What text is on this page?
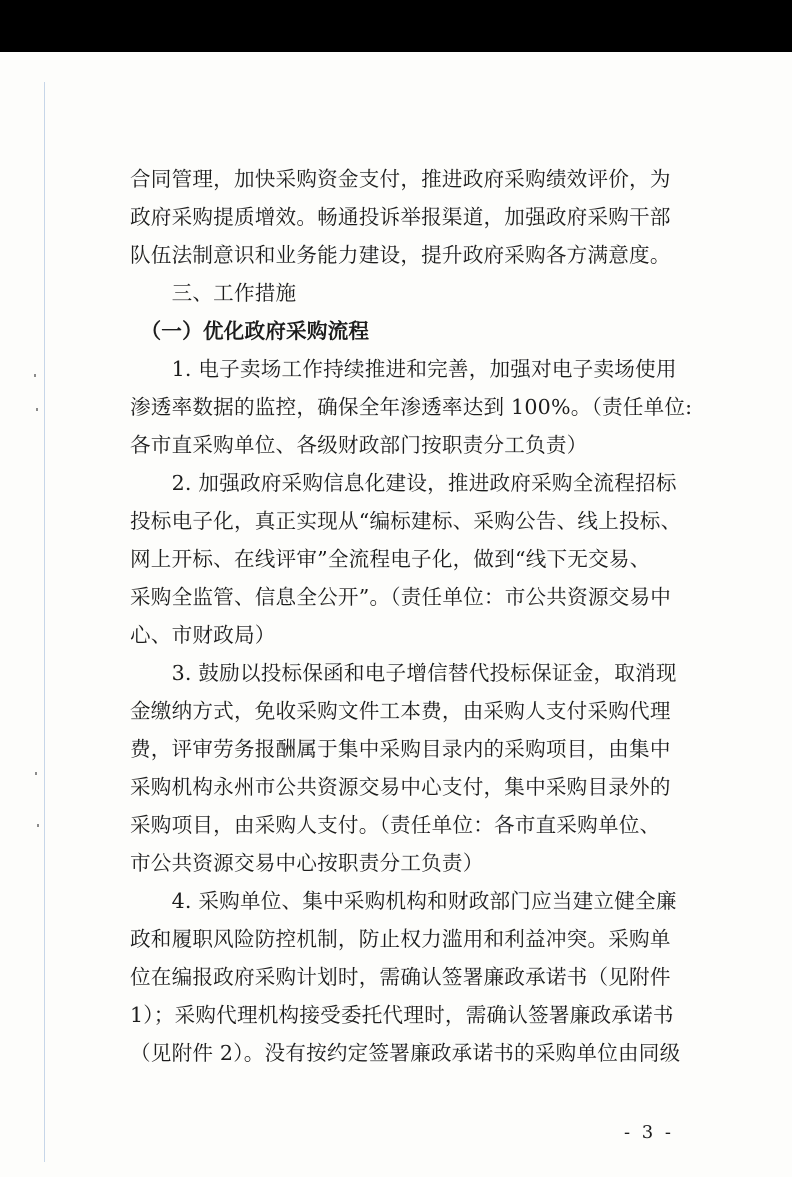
合同管理，加快采购资金支付，推进政府采购绩效评价，为
政府采购提质增效。畅通投诉举报渠道，加强政府采购干部
队伍法制意识和业务能力建设，提升政府采购各方满意度。
　　三、工作措施
　（一）优化政府采购流程
　　1. 电子卖场工作持续推进和完善，加强对电子卖场使用
渗透率数据的监控，确保全年渗透率达到 100%。（责任单位:
各市直采购单位、各级财政部门按职责分工负责）
　　2. 加强政府采购信息化建设，推进政府采购全流程招标
投标电子化，真正实现从“编标建标、采购公告、线上投标、
网上开标、在线评审”全流程电子化，做到“线下无交易、
采购全监管、信息全公开”。（责任单位：市公共资源交易中
心、市财政局）
　　3. 鼓励以投标保函和电子增信替代投标保证金，取消现
金缴纳方式，免收采购文件工本费，由采购人支付采购代理
费，评审劳务报酬属于集中采购目录内的采购项目，由集中
采购机构永州市公共资源交易中心支付，集中采购目录外的
采购项目，由采购人支付。（责任单位：各市直采购单位、
市公共资源交易中心按职责分工负责）
　　4. 采购单位、集中采购机构和财政部门应当建立健全廉
政和履职风险防控机制，防止权力滥用和利益冲突。采购单
位在编报政府采购计划时，需确认签署廉政承诺书（见附件
1）；采购代理机构接受委托代理时，需确认签署廉政承诺书
（见附件 2）。没有按约定签署廉政承诺书的采购单位由同级
- 3 -
